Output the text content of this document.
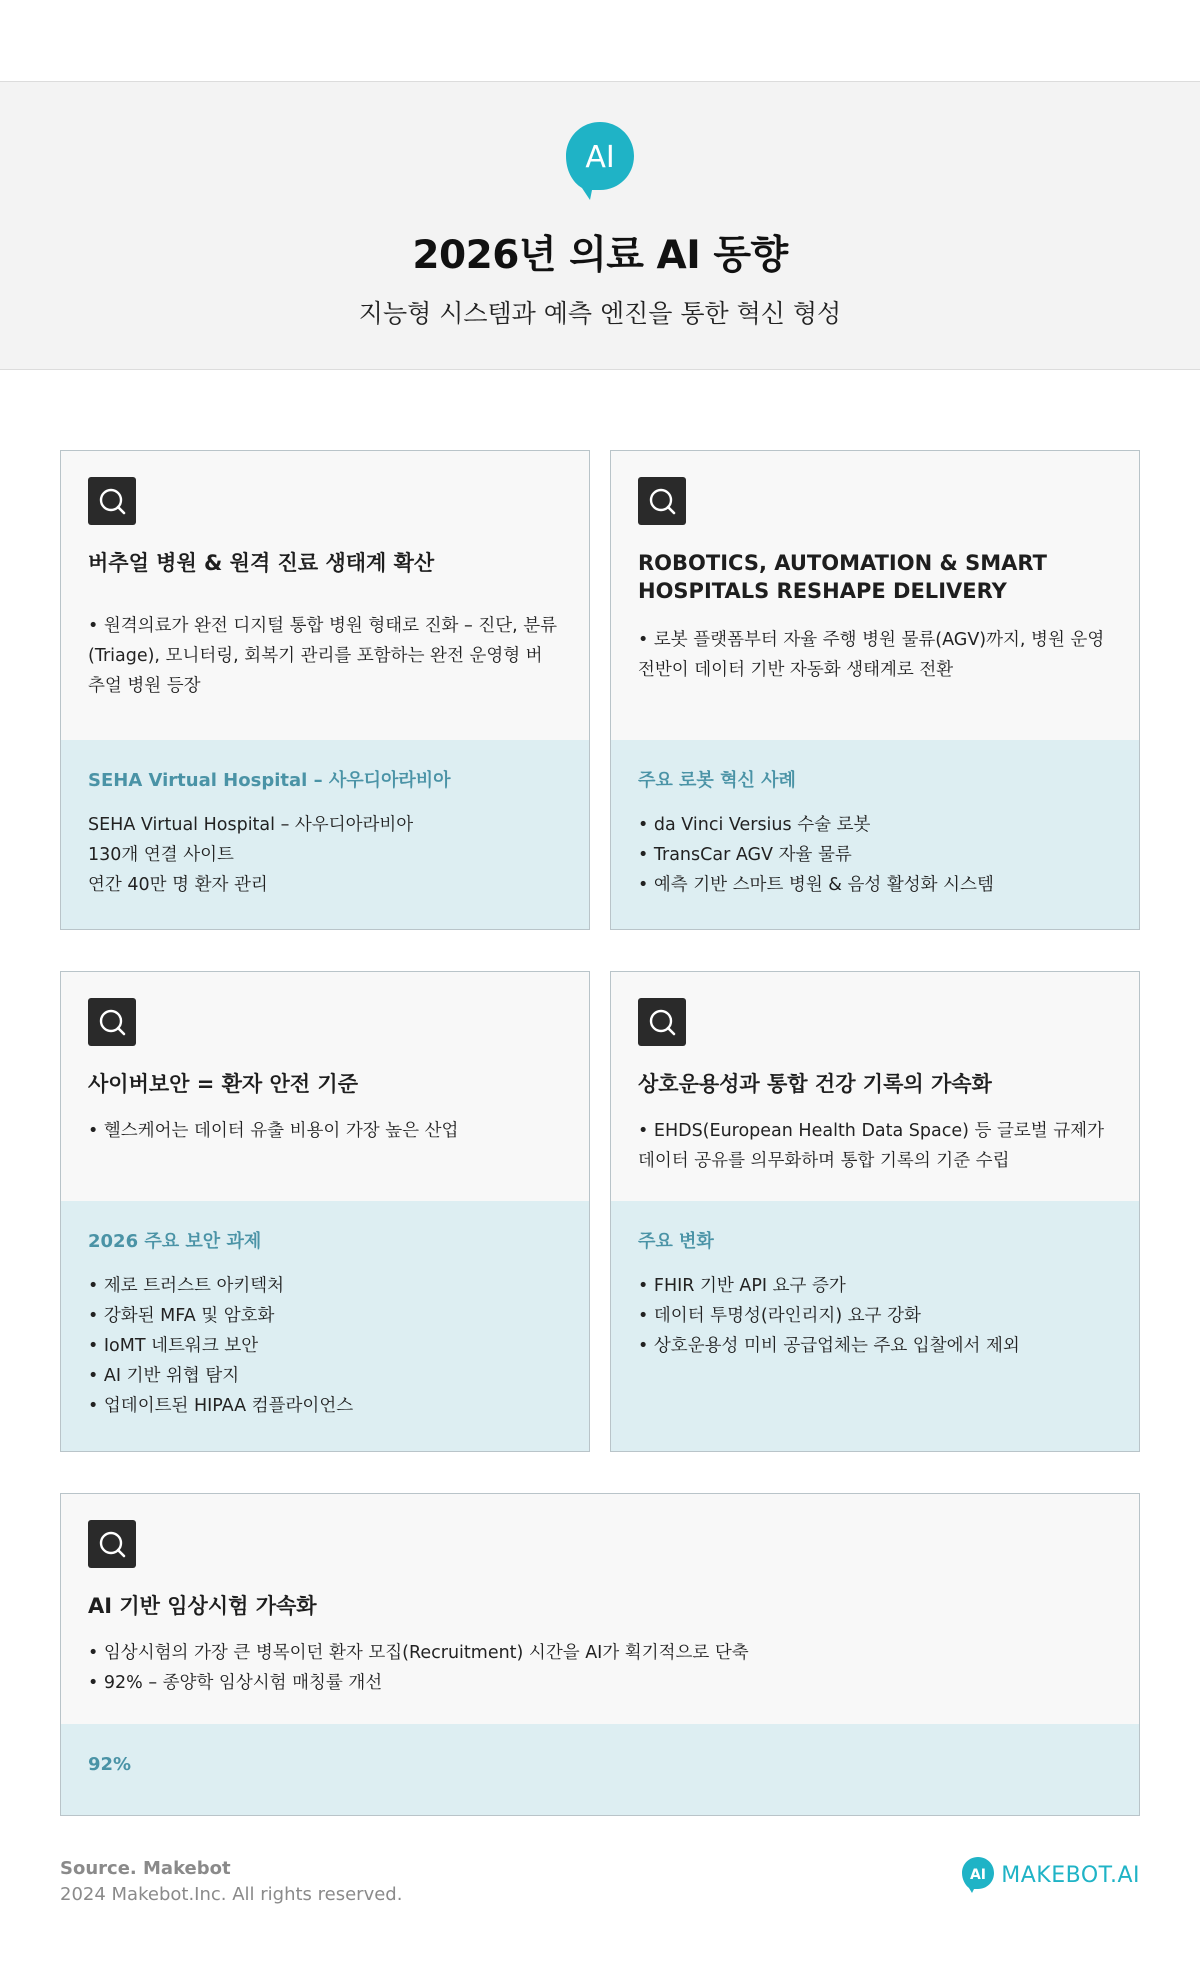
AI
2026년 의료 AI 동향
지능형 시스템과 예측 엔진을 통한 혁신 형성
버추얼 병원 & 원격 진료 생태계 확산
• 원격의료가 완전 디지털 통합 병원 형태로 진화 – 진단, 분류
(Triage), 모니터링, 회복기 관리를 포함하는 완전 운영형 버
추얼 병원 등장
SEHA Virtual Hospital – 사우디아라비아
SEHA Virtual Hospital – 사우디아라비아
130개 연결 사이트
연간 40만 명 환자 관리
ROBOTICS, AUTOMATION & SMART HOSPITALS RESHAPE DELIVERY
• 로봇 플랫폼부터 자율 주행 병원 물류(AGV)까지, 병원 운영
전반이 데이터 기반 자동화 생태계로 전환
주요 로봇 혁신 사례
• da Vinci Versius 수술 로봇
• TransCar AGV 자율 물류
• 예측 기반 스마트 병원 & 음성 활성화 시스템
사이버보안 = 환자 안전 기준
• 헬스케어는 데이터 유출 비용이 가장 높은 산업
2026 주요 보안 과제
• 제로 트러스트 아키텍처
• 강화된 MFA 및 암호화
• IoMT 네트워크 보안
• AI 기반 위협 탐지
• 업데이트된 HIPAA 컴플라이언스
상호운용성과 통합 건강 기록의 가속화
• EHDS(European Health Data Space) 등 글로벌 규제가
데이터 공유를 의무화하며 통합 기록의 기준 수립
주요 변화
• FHIR 기반 API 요구 증가
• 데이터 투명성(라인리지) 요구 강화
• 상호운용성 미비 공급업체는 주요 입찰에서 제외
AI 기반 임상시험 가속화
• 임상시험의 가장 큰 병목이던 환자 모집(Recruitment) 시간을 AI가 획기적으로 단축
• 92% – 종양학 임상시험 매칭률 개선
92%
Source. Makebot
2024 Makebot.Inc. All rights reserved.
AI MAKEBOT.AI
